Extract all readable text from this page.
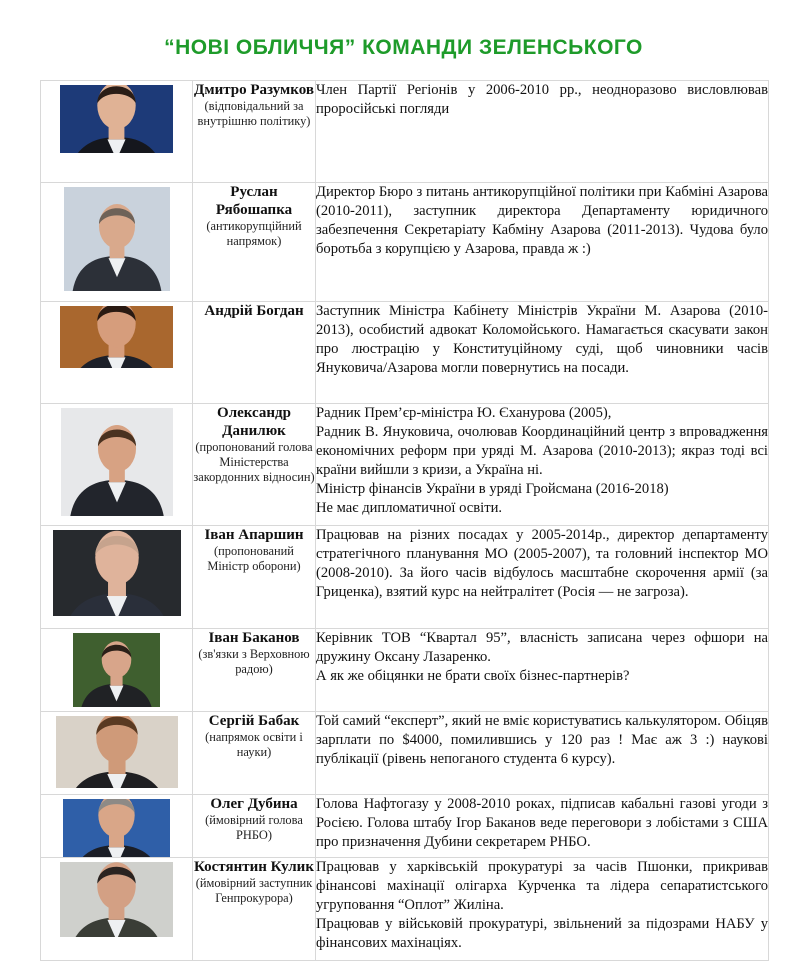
“НОВІ ОБЛИЧЧЯ” КОМАНДИ ЗЕЛЕНСЬКОГО

Дмитро Разумков
(відповідальний за внутрішню політику)	Член Партії Регіонів у 2006-2010 рр., неодноразово висловлював проросійські погляди

Руслан Рябошапка
(антикорупційний напрямок)	Директор Бюро з питань антикорупційної політики при Кабміні Азарова (2010-2011), заступник директора Департаменту юридичного забезпечення Секретаріату Кабміну Азарова (2011-2013). Чудова було боротьба з корупцією у Азарова, правда ж :)

Андрій Богдан	Заступник Міністра Кабінету Міністрів України М. Азарова (2010-2013), особистий адвокат Коломойського. Намагається скасувати закон про люстрацію у Конституційному суді, щоб чиновники часів Януковича/Азарова могли повернутись на посади.

Олександр Данилюк
(пропонований голова Міністерства закордонних відносин)	Радник Прем’єр-міністра Ю. Єханурова (2005),
Радник В. Януковича, очолював Координаційний центр з впровадження економічних реформ при уряді М. Азарова (2010-2013); якраз тоді всі країни вийшли з кризи, а Україна ні.
Міністр фінансів України в уряді Гройсмана (2016-2018)
Не має дипломатичної освіти.

Іван Апаршин
(пропонований Міністр оборони)	Працював на різних посадах у 2005-2014р., директор департаменту стратегічного планування МО (2005-2007), та головний інспектор МО (2008-2010). За його часів відбулось масштабне скорочення армії (за Гриценка), взятий курс на нейтралітет (Росія — не загроза).

Іван Баканов
(зв'язки з Верховною радою)	Керівник ТОВ “Квартал 95”, власність записана через офшори на дружину Оксану Лазаренко.
А як же обіцянки не брати своїх бізнес-партнерів?

Сергій Бабак
(напрямок освіти і науки)	Той самий “експерт”, який не вміє користуватись калькулятором. Обіцяв зарплати по $4000, помилившись у 120 раз ! Має аж 3 :) наукові публікації (рівень непоганого студента 6 курсу).

Олег Дубина
(ймовірний голова РНБО)	Голова Нафтогазу у 2008-2010 роках, підписав кабальні газові угоди з Росією. Голова штабу Ігор Баканов веде переговори з лобістами з США про призначення Дубини секретарем РНБО.

Костянтин Кулик
(ймовірний заступник Генпрокурора)	Працював у харківській прокуратурі за часів Пшонки, прикривав фінансові махінації олігарха Курченка та лідера сепаратистського угруповання “Оплот” Жиліна.
Працював у військовій прокуратурі, звільнений за підозрами НАБУ у фінансових махінаціях.
